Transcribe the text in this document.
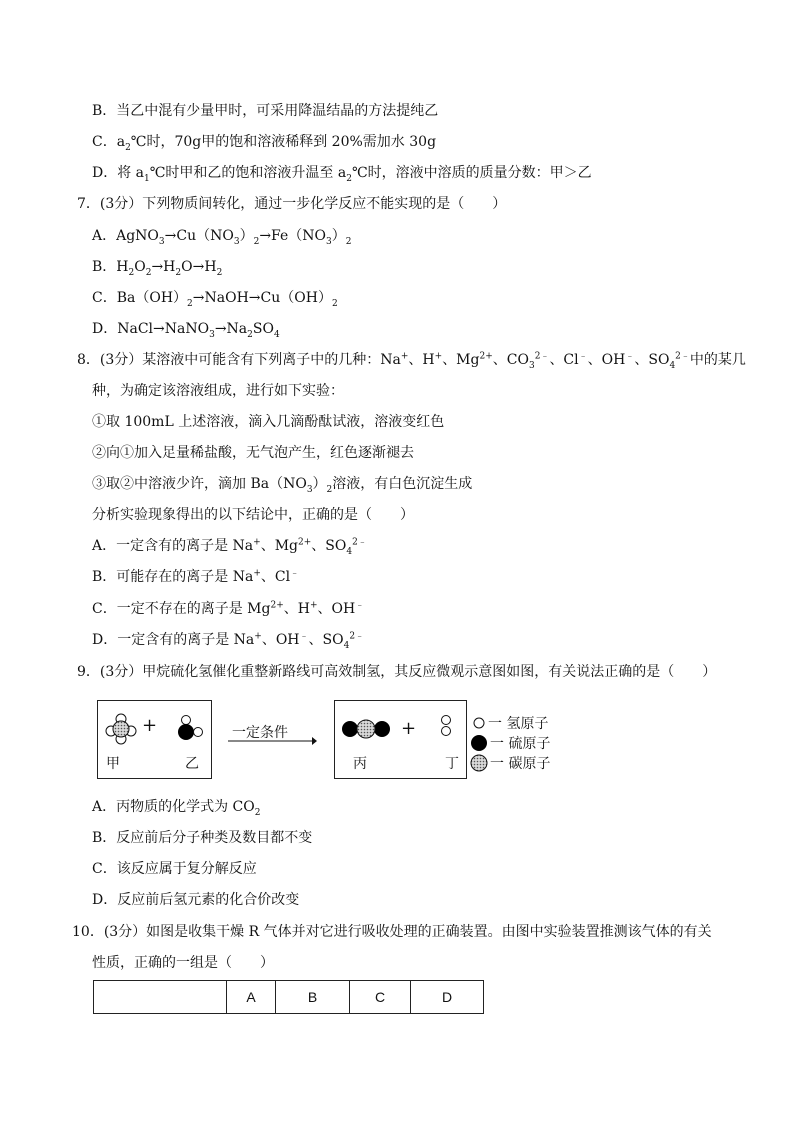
B．当乙中混有少量甲时，可采用降温结晶的方法提纯乙
C．$a_2℃$时，70g甲的饱和溶液稀释到 20%需加水 30g
D．将 $a_1℃$时甲和乙的饱和溶液升温至 $a_2℃$时，溶液中溶质的质量分数：甲＞乙
7．(3分）下列物质间转化，通过一步化学反应不能实现的是（　　）
A．$AgNO_3\to Cu(NO_3)_2\to Fe(NO_3)_2$
B．$H_2O_2\to H_2O\to H_2$
C．$Ba(OH)_2\to NaOH\to Cu(OH)_2$
D．$NaCl\to NaNO_3\to Na_2SO_4$
8．(3分）某溶液中可能含有下列离子中的几种：Na+、H+、$Mg^{2+}$、$CO_3^{2﹣}$、Cl﹣、OH﹣、$SO_4^{2﹣}$中的某几
种，为确定该溶液组成，进行如下实验：
①取 100mL 上述溶液，滴入几滴酚酞试液，溶液变红色
②向①加入足量稀盐酸，无气泡产生，红色逐渐褪去
③取②中溶液少许，滴加 $Ba(NO_3)_2$溶液，有白色沉淀生成
分析实验现象得出的以下结论中，正确的是（　　）
A．一定含有的离子是 Na+、$Mg^{2+}$、$SO_4^{2﹣}$
B．可能存在的离子是 Na+、Cl﹣
C．一定不存在的离子是 $Mg^{2+}$、H+、OH﹣
D．一定含有的离子是 Na+、OH﹣、$SO_4^{2﹣}$
9．(3分）甲烷硫化氢催化重整新路线可高效制氢，其反应微观示意图如图，有关说法正确的是（　　）
+
甲	乙
一定条件	+
丙	丁
一 氢原子
一 硫原子
一 碳原子
A．丙物质的化学式为 $CO_2$
B．反应前后分子种类及数目都不变
C．该反应属于复分解反应
D．反应前后氢元素的化合价改变
10．(3分）如图是收集干燥 R 气体并对它进行吸收处理的正确装置。由图中实验装置推测该气体的有关
性质，正确的一组是（　　）
	A	B	C	D
